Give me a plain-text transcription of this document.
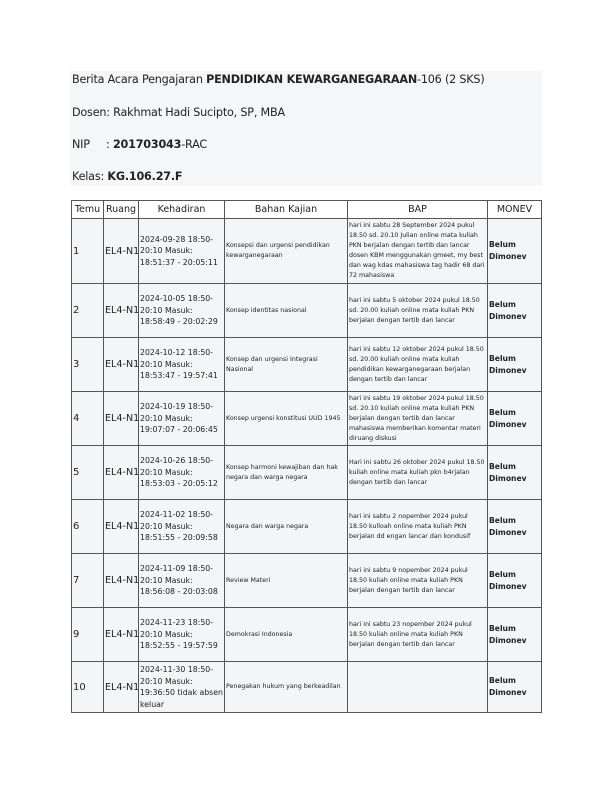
Berita Acara Pengajaran PENDIDIKAN KEWARGANEGARAAN-106 (2 SKS)
Dosen: Rakhmat Hadi Sucipto, SP, MBA
NIP : 201703043-RAC
Kelas: KG.106.27.F
Temu	Ruang	Kehadiran	Bahan Kajian	BAP	MONEV
1	EL4-N1	2024-09-28 18:50-20:10 Masuk: 18:51:37 - 20:05:11	Konsepsi dan urgensi pendidikan kewarganegaraan	hari ini sabtu 28 September 2024 pukul 18.50 sd. 20.10 Julian online mata kuliah PKN berjalan dengan tertib dan lancar dosen KBM menggunakan gmeet, my best dan wag kdas mahasiswa tag hadir 68 dari 72 mahasiswa	Belum Dimonev
2	EL4-N1	2024-10-05 18:50-20:10 Masuk: 18:58:49 - 20:02:29	Konsep identitas nasional	hari ini sabtu 5 oktober 2024 pukul 18.50 sd. 20.00 kuliah online mata kuliah PKN berjalan dengan tertib dan lancar	Belum Dimonev
3	EL4-N1	2024-10-12 18:50-20:10 Masuk: 18:53:47 - 19:57:41	Konsep dan urgensi Integrasi Nasional	hari ini sabtu 12 oktober 2024 pukul 18.50 sd. 20.00 kuliah online mata kuliah pendidikan kewarganegaraan berjalan dengan tertib dan lancar	Belum Dimonev
4	EL4-N1	2024-10-19 18:50-20:10 Masuk: 19:07:07 - 20:06:45	Konsep urgensi konstitusi UUD 1945	hari ini sabtu 19 oktober 2024 pukul 18.50 sd. 20.10 kuliah online mata kuliah PKN berjalan dengan tertib dan lancar mahasiswa memberikan komentar materi diruang diskusi	Belum Dimonev
5	EL4-N1	2024-10-26 18:50-20:10 Masuk: 18:53:03 - 20:05:12	Konsep harmoni kewajiban dan hak negara dan warga negara	Hari ini sabtu 26 oktober 2024 pukul 18.50 kuliah online mata kuliah pkn b4rjalan dengan tertib dan lancar	Belum Dimonev
6	EL4-N1	2024-11-02 18:50-20:10 Masuk: 18:51:55 - 20:09:58	Negara dan warga negara	hari ini sabtu 2 nopember 2024 pukul 18.50 kulloah online mata kuliah PKN berjalan dd engan lancar dan kondusif	Belum Dimonev
7	EL4-N1	2024-11-09 18:50-20:10 Masuk: 18:56:08 - 20:03:08	Review Materi	hari ini sabtu 9 nopember 2024 pukul 18.50 kuliah online mata kuliah PKN berjalan dengan tertib dan lancar	Belum Dimonev
9	EL4-N1	2024-11-23 18:50-20:10 Masuk: 18:52:55 - 19:57:59	Demokrasi Indonesia	hari ini sabtu 23 nopember 2024 pukul 18.50 kuliah online mata kuliah PKN berjalan dengan tertib dan lancar	Belum Dimonev
10	EL4-N1	2024-11-30 18:50-20:10 Masuk: 19:36:50 tidak absen keluar	Penegakan hukum yang berkeadilan		Belum Dimonev
